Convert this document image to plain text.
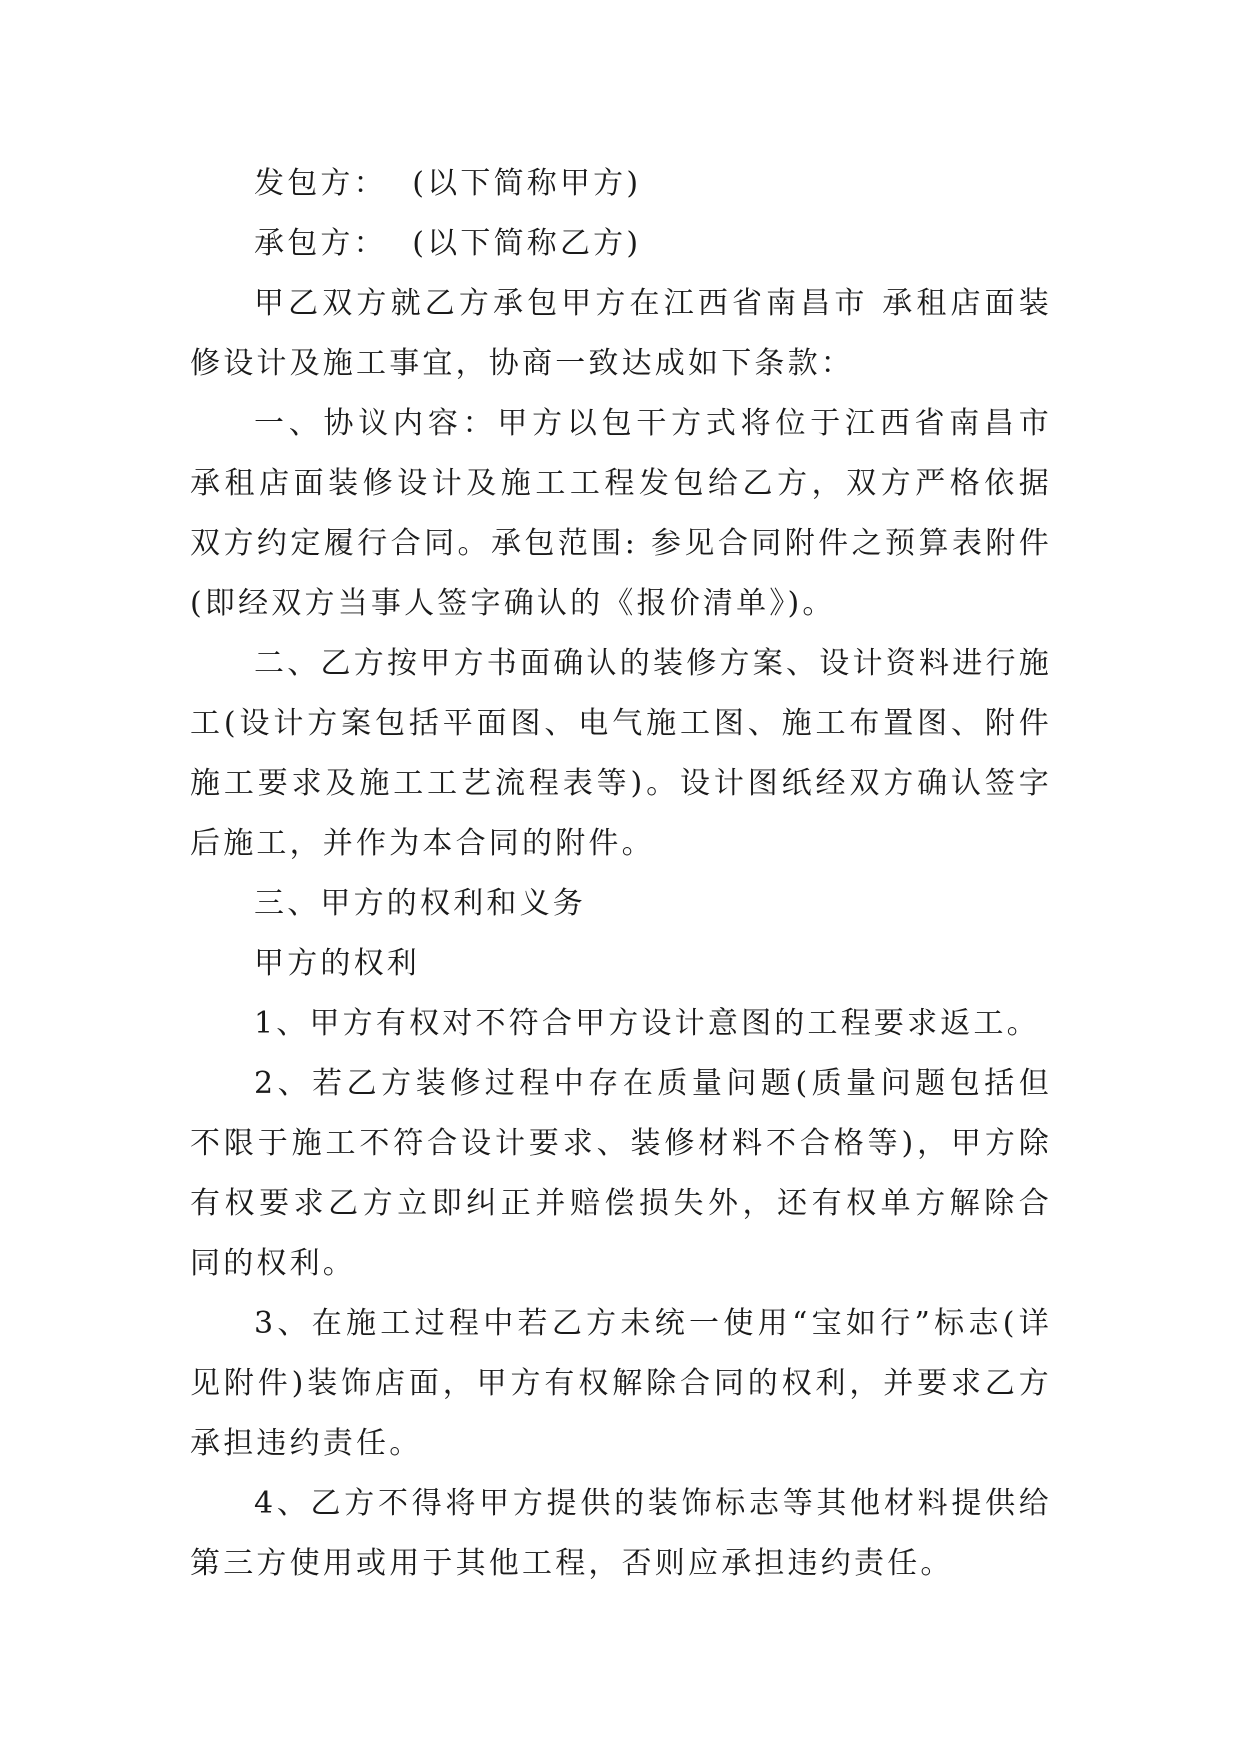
发包方：  (以下简称甲方)

承包方：  (以下简称乙方)

甲乙双方就乙方承包甲方在江西省南昌市 承租店面装修设计及施工事宜，协商一致达成如下条款：

一、协议内容：甲方以包干方式将位于江西省南昌市 承租店面装修设计及施工工程发包给乙方，双方严格依据双方约定履行合同。承包范围: 参见合同附件之预算表附件(即经双方当事人签字确认的《报价清单》)。

二、乙方按甲方书面确认的装修方案、设计资料进行施工(设计方案包括平面图、电气施工图、施工布置图、附件施工要求及施工工艺流程表等)。设计图纸经双方确认签字后施工，并作为本合同的附件。

三、甲方的权利和义务

甲方的权利

1、甲方有权对不符合甲方设计意图的工程要求返工。

2、若乙方装修过程中存在质量问题(质量问题包括但不限于施工不符合设计要求、装修材料不合格等)，甲方除有权要求乙方立即纠正并赔偿损失外，还有权单方解除合同的权利。

3、在施工过程中若乙方未统一使用“宝如行”标志(详见附件)装饰店面，甲方有权解除合同的权利，并要求乙方承担违约责任。

4、乙方不得将甲方提供的装饰标志等其他材料提供给第三方使用或用于其他工程，否则应承担违约责任。
